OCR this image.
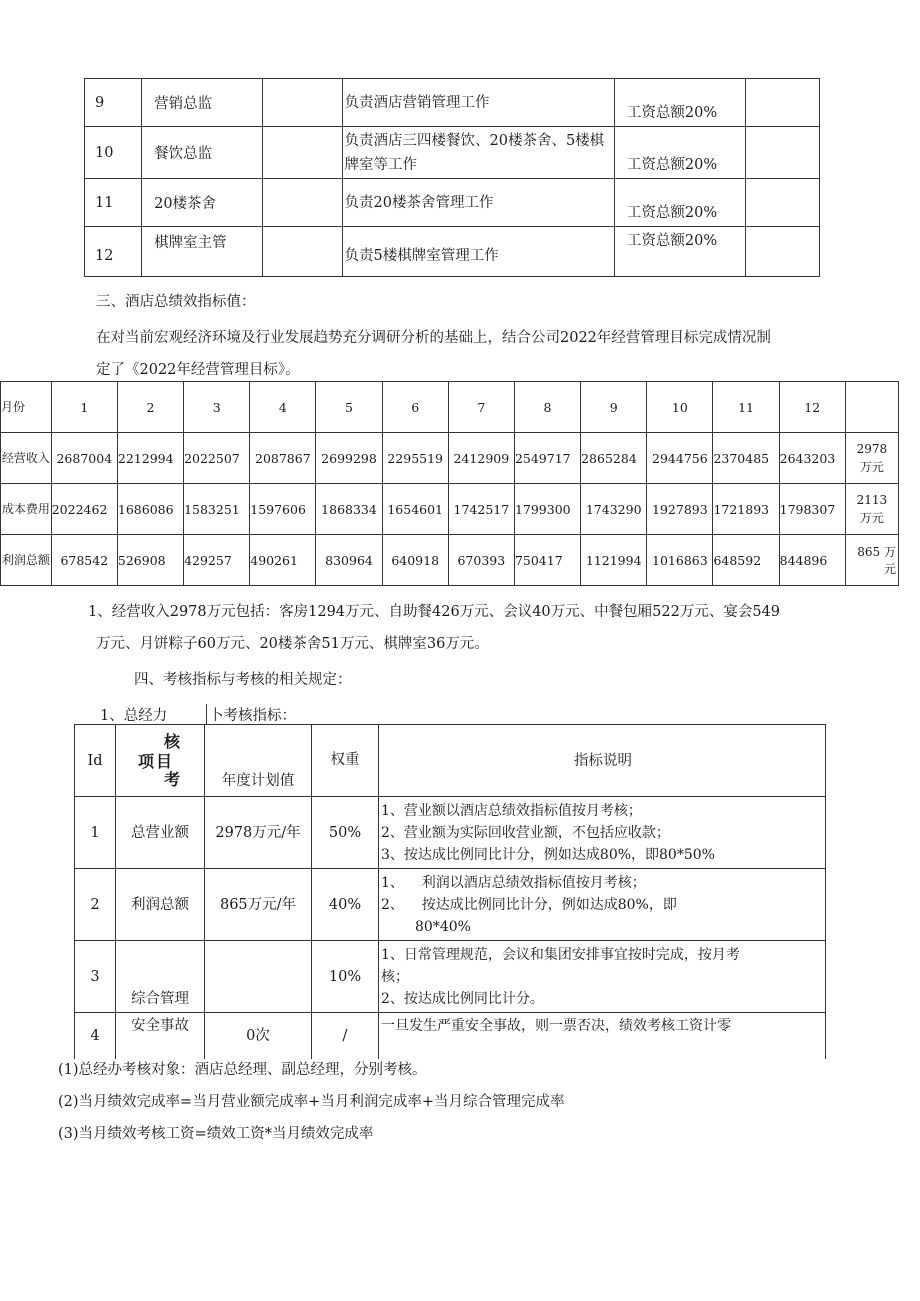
9	营销总监		负责酒店营销管理工作	工资总额20%	
10	餐饮总监		负责酒店三四楼餐饮、20楼茶舍、5楼棋牌室等工作	工资总额20%	
11	20楼茶舍		负责20楼茶舍管理工作	工资总额20%	
12	棋牌室主管		负责5楼棋牌室管理工作	工资总额20%	
三、酒店总绩效指标值：
在对当前宏观经济环境及行业发展趋势充分调研分析的基础上，结合公司2022年经营管理目标完成情况制
定了《2022年经营管理目标》。
月份	1	2	3	4	5	6	7	8	9	10	11	12	
经营收入	2687004	2212994	2022507	2087867	2699298	2295519	2412909	2549717	2865284	2944756	2370485	2643203	2978
万元
成本费用	2022462	1686086	1583251	1597606	1868334	1654601	1742517	1799300	1743290	1927893	1721893	1798307	2113
万元
利润总额	678542	526908	429257	490261	830964	640918	670393	750417	1121994	1016863	648592	844896	865 万元
1、经营收入2978万元包括：客房1294万元、自助餐426万元、会议40万元、中餐包厢522万元、宴会549
万元、月饼粽子60万元、20楼茶舍51万元、棋牌室36万元。
四、考核指标与考核的相关规定：
1、总经力	卜考核指标：
Id	核
项目
考	年度计划值	权重	指标说明
1	总营业额	2978万元/年	50%	1、营业额以酒店总绩效指标值按月考核；
2、营业额为实际回收营业额，不包括应收款；
3、按达成比例同比计分，例如达成80%，即80*50%

2	利润总额	865万元/年	40%	1、    利润以酒店总绩效指标值按月考核；
2、    按达成比例同比计分，例如达成80%，即
80*40%

3	综合管理		10%	1、日常管理规范，会议和集团安排事宜按时完成，按月考
核；
2、按达成比例同比计分。

4	安全事故	0次	/	一旦发生严重安全事故，则一票否决，绩效考核工资计零
(1)总经办考核对象：酒店总经理、副总经理，分别考核。
(2)当月绩效完成率=当月营业额完成率+当月利润完成率+当月综合管理完成率
(3)当月绩效考核工资=绩效工资*当月绩效完成率
